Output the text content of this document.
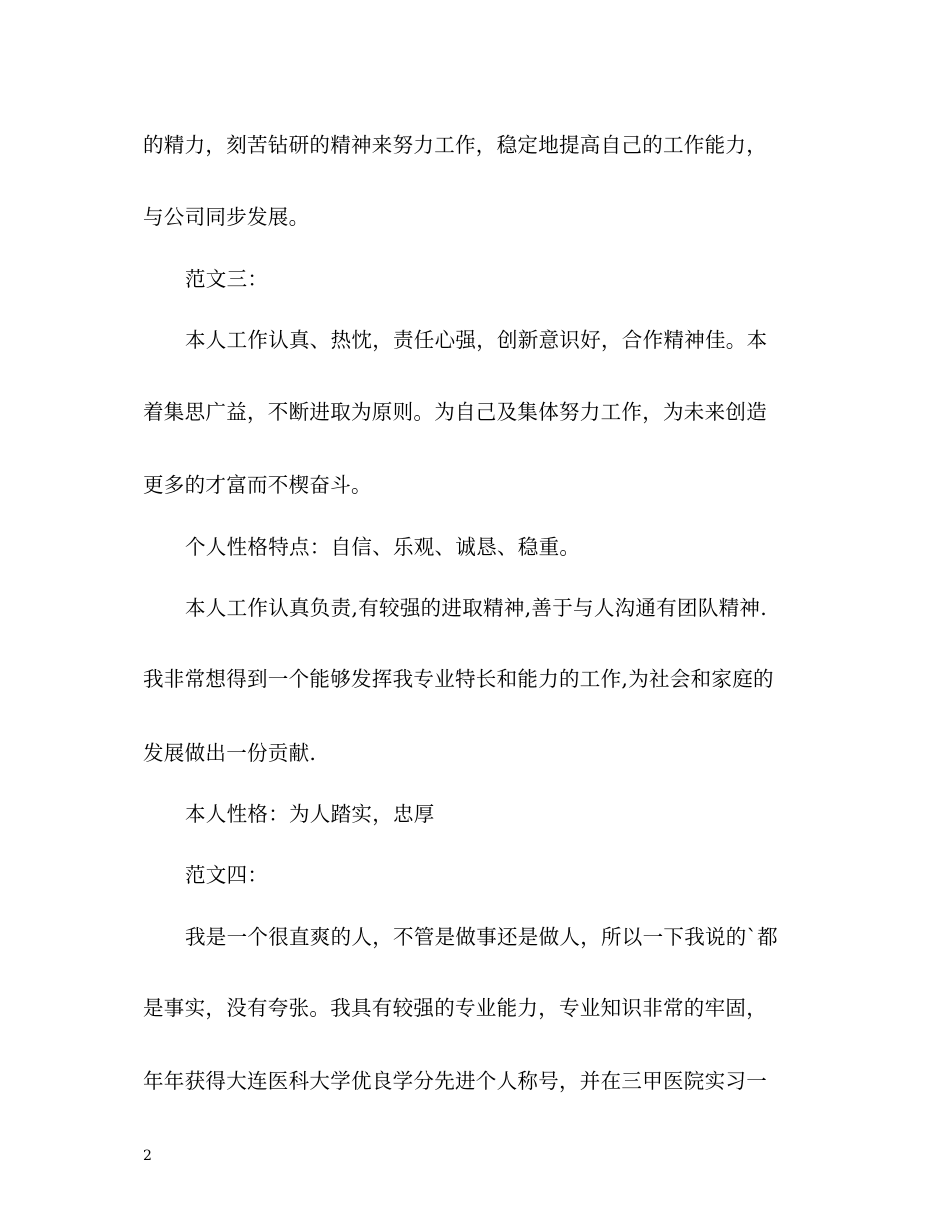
的精力，刻苦钻研的精神来努力工作，稳定地提高自己的工作能力，
与公司同步发展。
范文三：
本人工作认真、热忱，责任心强，创新意识好，合作精神佳。本
着集思广益，不断进取为原则。为自己及集体努力工作，为未来创造
更多的才富而不楔奋斗。
个人性格特点：自信、乐观、诚恳、稳重。
本人工作认真负责,有较强的进取精神,善于与人沟通有团队精神.
我非常想得到一个能够发挥我专业特长和能力的工作,为社会和家庭的
发展做出一份贡献.
本人性格：为人踏实，忠厚
范文四：
我是一个很直爽的人，不管是做事还是做人，所以一下我说的`都
是事实，没有夸张。我具有较强的专业能力，专业知识非常的牢固，
年年获得大连医科大学优良学分先进个人称号，并在三甲医院实习一
2
